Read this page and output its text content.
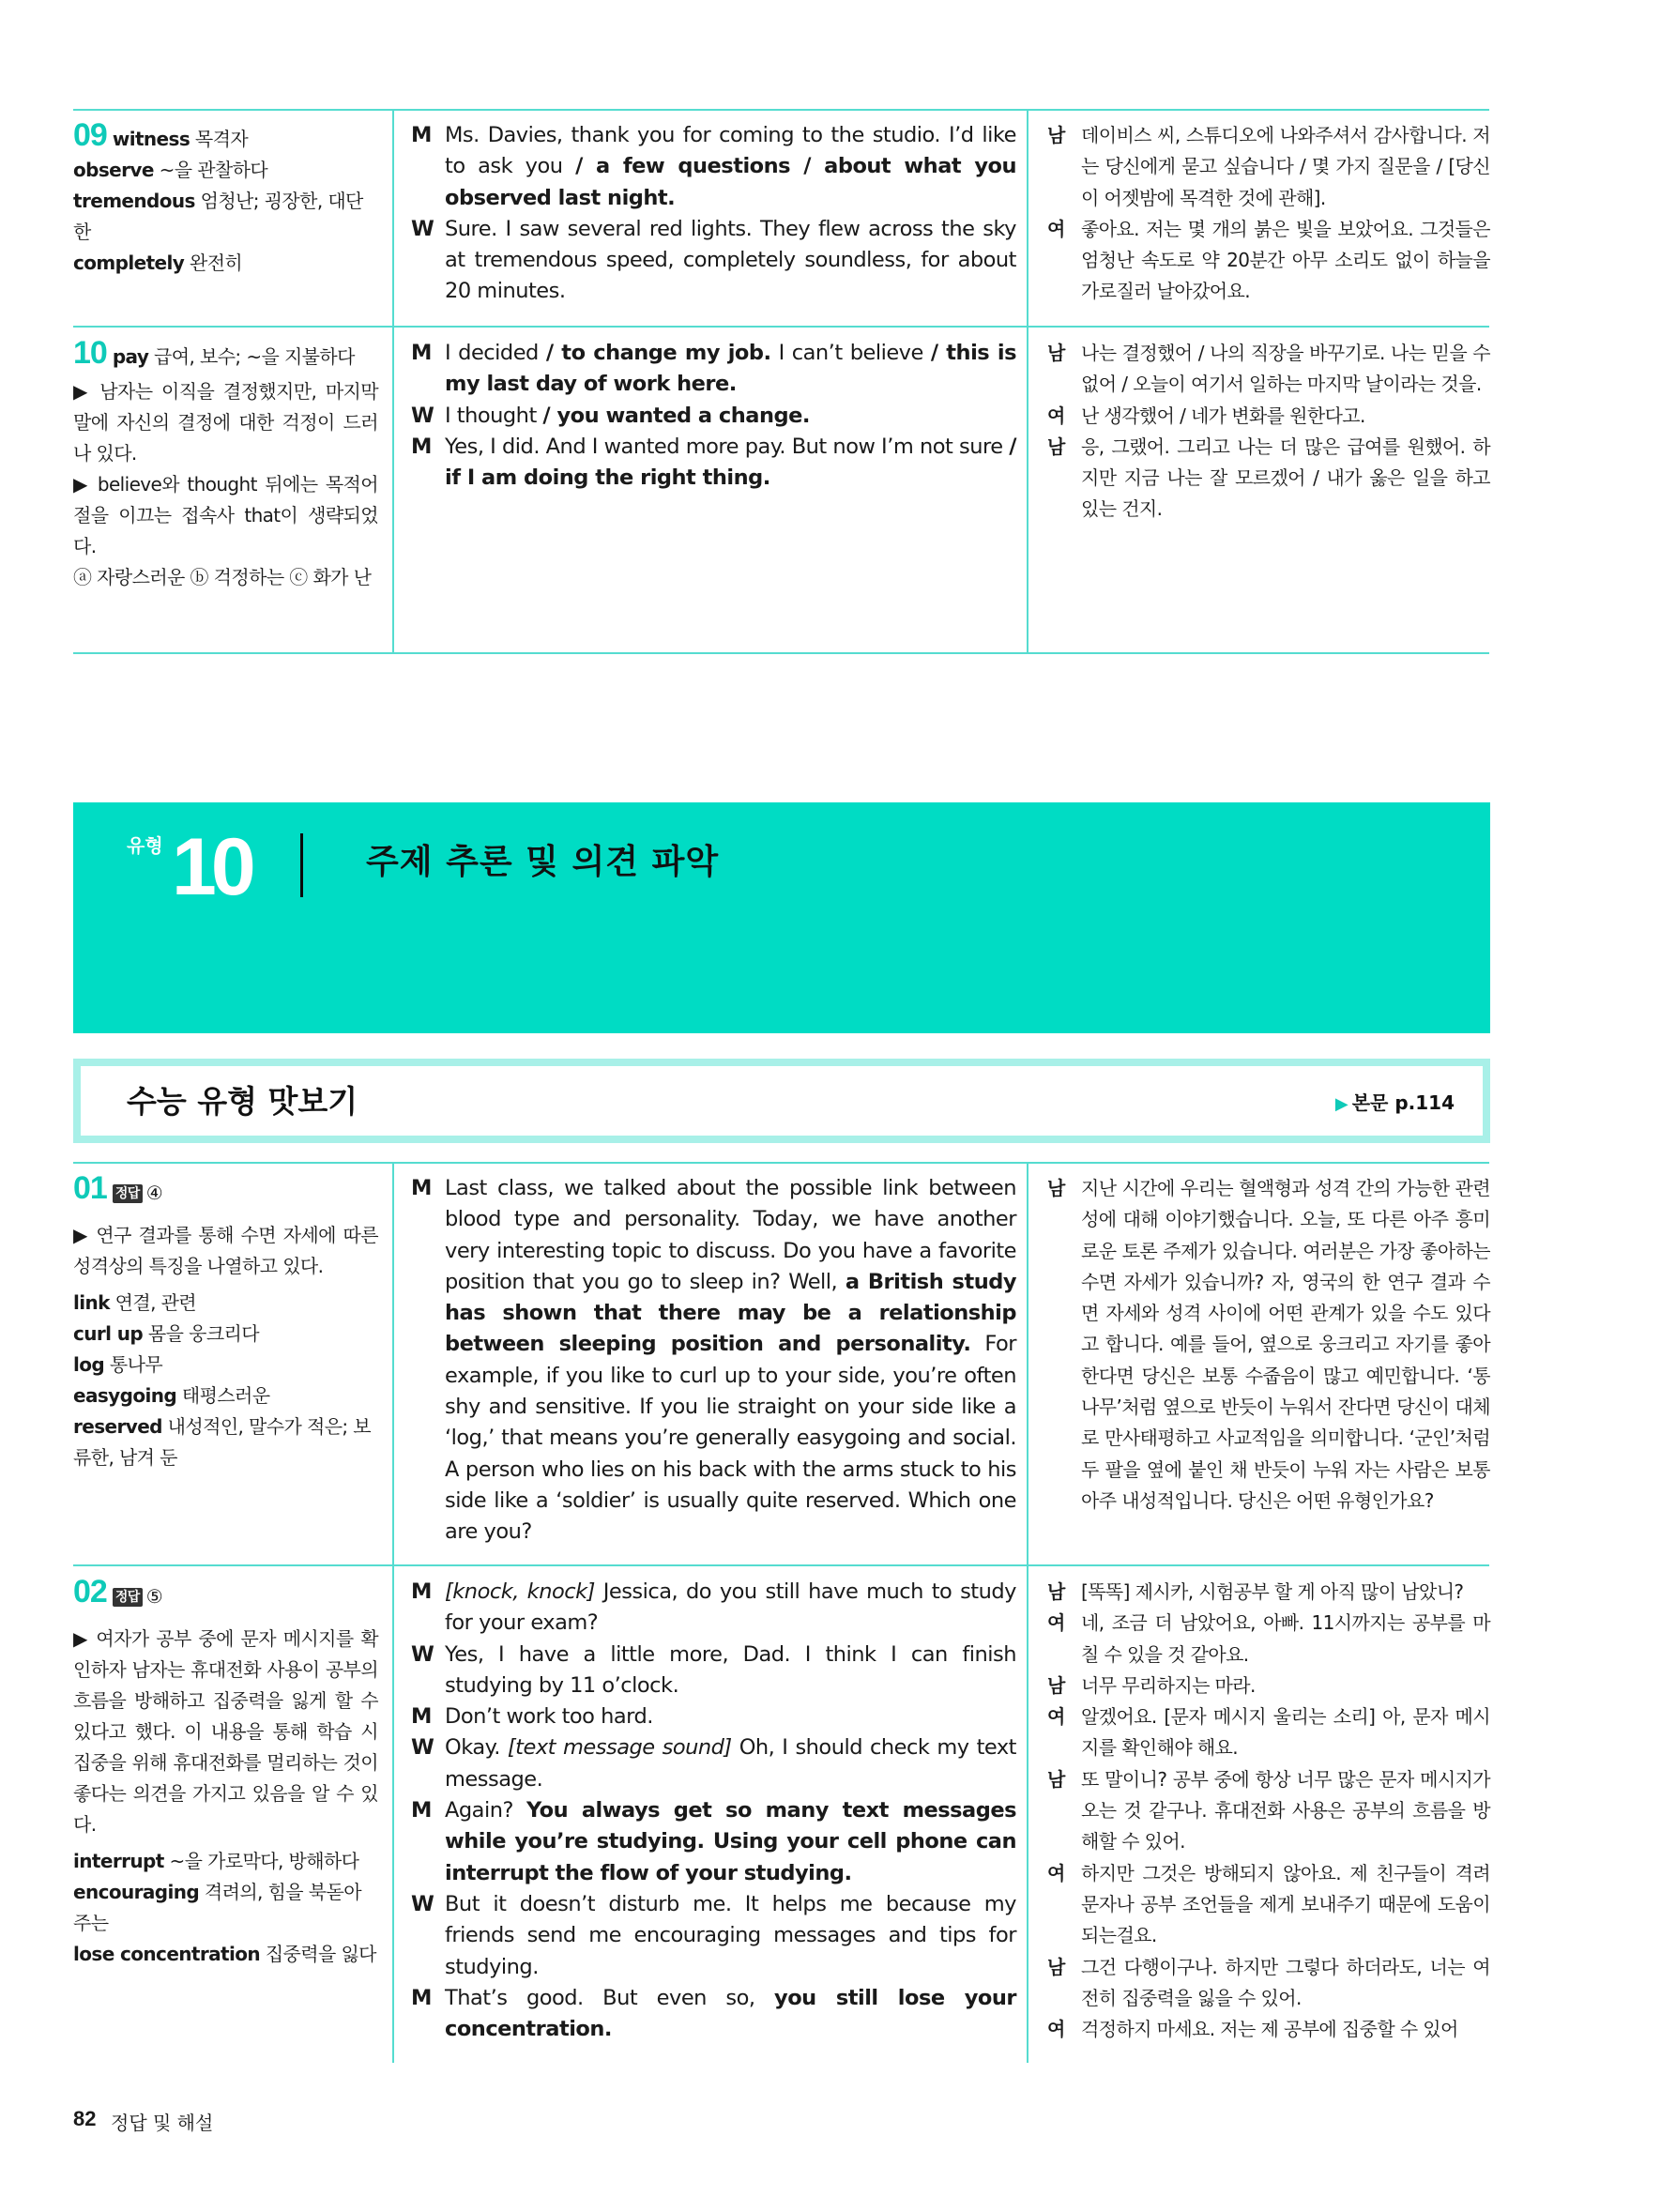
09 witness 목격자
observe ~을 관찰하다
tremendous 엄청난; 굉장한, 대단한
completely 완전히
M Ms. Davies, thank you for coming to the studio. I’d like to ask you / a few questions / about what you observed last night.
W Sure. I saw several red lights. They flew across the sky at tremendous speed, completely soundless, for about 20 minutes.
남 데이비스 씨, 스튜디오에 나와주셔서 감사합니다. 저는 당신에게 묻고 싶습니다 / 몇 가지 질문을 / [당신이 어젯밤에 목격한 것에 관해].
여 좋아요. 저는 몇 개의 붉은 빛을 보았어요. 그것들은 엄청난 속도로 약 20분간 아무 소리도 없이 하늘을 가로질러 날아갔어요.
10 pay 급여, 보수; ~을 지불하다
▶ 남자는 이직을 결정했지만, 마지막 말에 자신의 결정에 대한 걱정이 드러나 있다.
▶ believe와 thought 뒤에는 목적어절을 이끄는 접속사 that이 생략되었다.
ⓐ 자랑스러운 ⓑ 걱정하는 ⓒ 화가 난
M I decided / to change my job. I can’t believe / this is my last day of work here.
W I thought / you wanted a change.
M Yes, I did. And I wanted more pay. But now I’m not sure / if I am doing the right thing.
남 나는 결정했어 / 나의 직장을 바꾸기로. 나는 믿을 수 없어 / 오늘이 여기서 일하는 마지막 날이라는 것을.
여 난 생각했어 / 네가 변화를 원한다고.
남 응, 그랬어. 그리고 나는 더 많은 급여를 원했어. 하지만 지금 나는 잘 모르겠어 / 내가 옳은 일을 하고 있는 건지.
유형 10	주제 추론 및 의견 파악
수능 유형 맛보기	▶ 본문 p.114
01 정답 ④
▶ 연구 결과를 통해 수면 자세에 따른 성격상의 특징을 나열하고 있다.
link 연결, 관련
curl up 몸을 웅크리다
log 통나무
easygoing 태평스러운
reserved 내성적인, 말수가 적은; 보류한, 남겨 둔
M Last class, we talked about the possible link between blood type and personality. Today, we have another very interesting topic to discuss. Do you have a favorite position that you go to sleep in? Well, a British study has shown that there may be a relationship between sleeping position and personality. For example, if you like to curl up to your side, you’re often shy and sensitive. If you lie straight on your side like a ‘log,’ that means you’re generally easygoing and social. A person who lies on his back with the arms stuck to his side like a ‘soldier’ is usually quite reserved. Which one are you?
남 지난 시간에 우리는 혈액형과 성격 간의 가능한 관련성에 대해 이야기했습니다. 오늘, 또 다른 아주 흥미로운 토론 주제가 있습니다. 여러분은 가장 좋아하는 수면 자세가 있습니까? 자, 영국의 한 연구 결과 수면 자세와 성격 사이에 어떤 관계가 있을 수도 있다고 합니다. 예를 들어, 옆으로 웅크리고 자기를 좋아한다면 당신은 보통 수줍음이 많고 예민합니다. ‘통나무’처럼 옆으로 반듯이 누워서 잔다면 당신이 대체로 만사태평하고 사교적임을 의미합니다. ‘군인’처럼 두 팔을 옆에 붙인 채 반듯이 누워 자는 사람은 보통 아주 내성적입니다. 당신은 어떤 유형인가요?
02 정답 ⑤
▶ 여자가 공부 중에 문자 메시지를 확인하자 남자는 휴대전화 사용이 공부의 흐름을 방해하고 집중력을 잃게 할 수 있다고 했다. 이 내용을 통해 학습 시 집중을 위해 휴대전화를 멀리하는 것이 좋다는 의견을 가지고 있음을 알 수 있다.
interrupt ~을 가로막다, 방해하다
encouraging 격려의, 힘을 북돋아 주는
lose concentration 집중력을 잃다
M [knock, knock] Jessica, do you still have much to study for your exam?
W Yes, I have a little more, Dad. I think I can finish studying by 11 o’clock.
M Don’t work too hard.
W Okay. [text message sound] Oh, I should check my text message.
M Again? You always get so many text messages while you’re studying. Using your cell phone can interrupt the flow of your studying.
W But it doesn’t disturb me. It helps me because my friends send me encouraging messages and tips for studying.
M That’s good. But even so, you still lose your concentration.
남 [똑똑] 제시카, 시험공부 할 게 아직 많이 남았니?
여 네, 조금 더 남았어요, 아빠. 11시까지는 공부를 마칠 수 있을 것 같아요.
남 너무 무리하지는 마라.
여 알겠어요. [문자 메시지 울리는 소리] 아, 문자 메시지를 확인해야 해요.
남 또 말이니? 공부 중에 항상 너무 많은 문자 메시지가 오는 것 같구나. 휴대전화 사용은 공부의 흐름을 방해할 수 있어.
여 하지만 그것은 방해되지 않아요. 제 친구들이 격려 문자나 공부 조언들을 제게 보내주기 때문에 도움이 되는걸요.
남 그건 다행이구나. 하지만 그렇다 하더라도, 너는 여전히 집중력을 잃을 수 있어.
여 걱정하지 마세요. 저는 제 공부에 집중할 수 있어
82 정답 및 해설
